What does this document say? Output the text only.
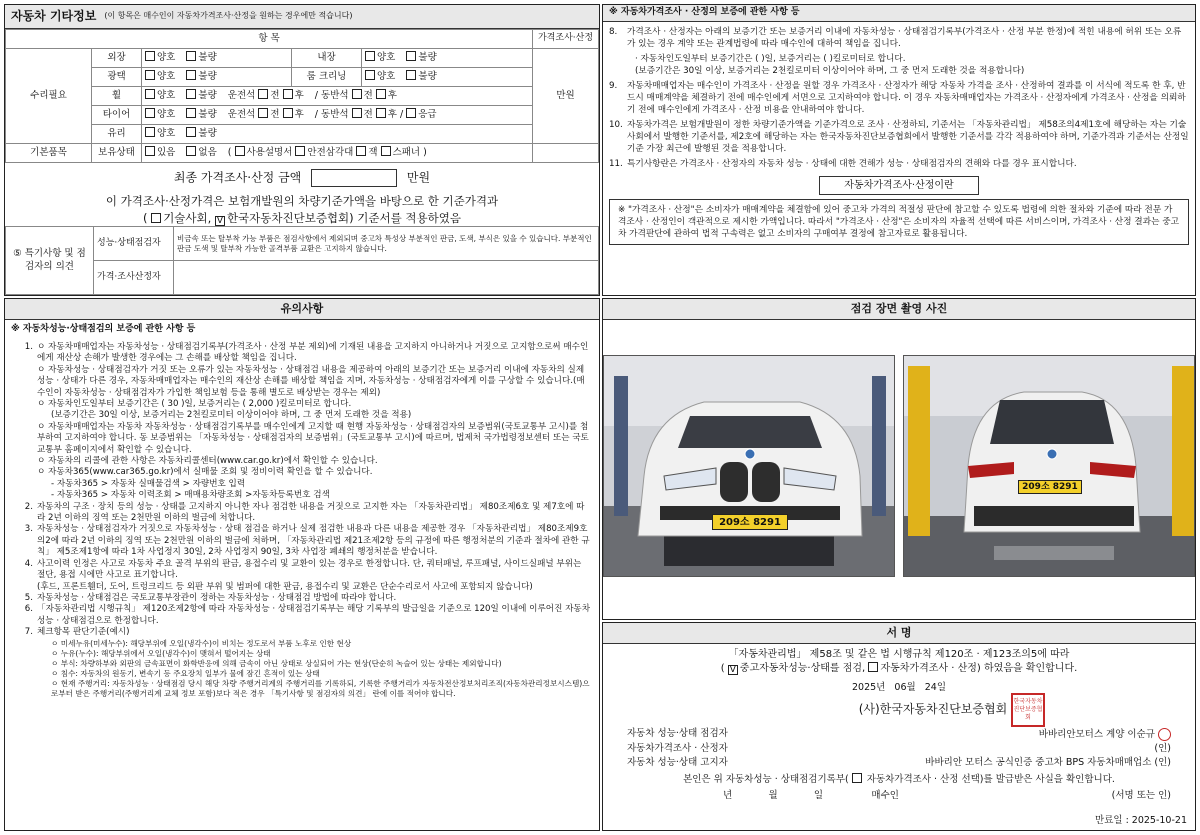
자동차 기타정보 (이 항목은 매수인이 자동차가격조사·산정을 원하는 경우에만 적습니다)
항 목					가격조사·산정
수리필요	외장	양호 불량	내장	양호 불량	만원
	광택	양호 불량	룸 크리닝	양호 불량	
	휠	양호 불량 운전석 전 후 / 동반석 전 후			
	타이어	양호 불량 운전석 전 후 / 동반석 전 후 / 응급			
	유리	양호 불량			
기본품목	보유상태	있음 없음 ( 사용설명서 안전삼각대 잭 스패너 )			
최종 가격조사·산정 금액	만원
이 가격조사·산정가격은 보험개발원의 차량기준가액을 바탕으로 한 기준가격과
( 기술사회, V 한국자동차진단보증협회) 기준서를 적용하였음
⑤ 특기사항 및 점검자의 의견	성능·상태점검자	비금속 또는 탈부착 가능 부품은 점검사항에서 제외되며 중고차 특성상 부분적인 판금, 도색, 부식은 있을 수 있습니다. 부분적인 판금 도색 및 탈부착 가능한 골격부품 교환은 고지하지 않습니다.
	가격·조사산정자	
※ 자동차가격조사 · 산정의 보증에 관한 사항 등
8.	가격조사 · 산정자는 아래의 보증기간 또는 보증거리 이내에 자동차성능 · 상태점검기록부(가격조사 · 산정 부분 한정)에 적힌 내용에 허위 또는 오류가 있는 경우 계약 또는 관계법령에 따라 매수인에 대하여 책임을 집니다.
· 자동차인도일부터 보증기간은 ( )일, 보증거리는 ( )킬로미터로 합니다.
(보증기간은 30일 이상, 보증거리는 2천킬로미터 이상이어야 하며, 그 중 먼저 도래한 것을 적용합니다)
9.	자동차매매업자는 매수인이 가격조사 · 산정을 원할 경우 가격조사 · 산정자가 해당 자동차 가격을 조사 · 산정하여 결과를 이 서식에 적도록 한 후, 반드시 매매계약을 체결하기 전에 매수인에게 서면으로 고지하여야 합니다. 이 경우 자동차매매업자는 가격조사 · 산정자에게 가격조사 · 산정을 의뢰하기 전에 매수인에게 가격조사 · 산정 비용을 안내하여야 합니다.
10. 자동차가격은 보험개발원이 정한 차량기준가액을 기준가격으로 조사 · 산정하되, 기준서는 「자동차관리법」 제58조의4제1호에 해당하는 자는 기술사회에서 발행한 기준서를, 제2호에 해당하는 자는 한국자동차진단보증협회에서 발행한 기준서를 각각 적용하여야 하며, 기준가격과 기준서는 산정일 기준 가장 최근에 발행된 것을 적용합니다.
11. 특기사항란은 가격조사 · 산정자의 자동차 성능 · 상태에 대한 견해가 성능 · 상태점검자의 견해와 다를 경우 표시합니다.
자동차가격조사·산정이란
※ "가격조사 · 산정"은 소비자가 매매계약을 체결함에 있어 중고차 가격의 적절성 판단에 참고할 수 있도록 법령에 의한 절차와 기준에 따라 전문 가격조사 · 산정인이 객관적으로 제시한 가액입니다. 따라서 "가격조사 · 산정"은 소비자의 자율적 선택에 따른 서비스이며, 가격조사 · 산정 결과는 중고차 가격판단에 관하여 법적 구속력은 없고 소비자의 구매여부 결정에 참고자료로 활용됩니다.
유의사항
※ 자동차성능·상태점검의 보증에 관한 사항 등
1. ㅇ 자동차매매업자는 자동차성능 · 상태점검기록부(가격조사 · 산정 부분 제외)에 기재된 내용을 고지하지 아니하거나 거짓으로 고지함으로써 매수인에게 재산상 손해가 발생한 경우에는 그 손해를 배상할 책임을 집니다.
ㅇ 자동차성능 · 상태점검자가 거짓 또는 오류가 있는 자동차성능 · 상태점검 내용을 제공하여 아래의 보증기간 또는 보증거리 이내에 자동차의 실제 성능 · 상태가 다른 경우, 자동차매매업자는 매수인의 재산상 손해를 배상할 책임을 지며, 자동차성능 · 상태점검자에게 이를 구상할 수 있습니다.(매수인이 자동차성능 · 상태점검자가 가입한 책임보험 등을 통해 별도로 배상받는 경우는 제외)
ㅇ 자동차인도일부터 보증기간은 ( 30 )일, 보증거리는 ( 2,000 )킬로미터로 합니다.
(보증기간은 30일 이상, 보증거리는 2천킬로미터 이상이어야 하며, 그 중 먼저 도래한 것을 적용)
ㅇ 자동차매매업자는 자동차 자동차성능 · 상태점검기록부를 매수인에게 고지할 때 현행 자동차성능 · 상태점검자의 보증범위(국토교통부 고시)를 첨부하여 고지하여야 합니다. 동 보증범위는 「자동차성능 · 상태점검자의 보증범위」(국토교통부 고시)에 따르며, 법제처 국가법령정보센터 또는 국토교통부 홈페이지에서 확인할 수 있습니다.
ㅇ 자동차의 리콜에 관한 사항은 자동차리콜센터(www.car.go.kr)에서 확인할 수 있습니다.
ㅇ 자동차365(www.car365.go.kr)에서 실매물 조회 및 정비이력 확인을 할 수 있습니다.
- 자동차365 > 자동차 실매물검색 > 자량번호 입력
- 자동차365 > 자동차 이력조회 > 매매용차량조회 >자동차등록번호 검색
2. 자동차의 구조 · 장치 등의 성능 · 상태를 고지하지 아니한 자나 점검한 내용을 거짓으로 고지한 자는 「자동차관리법」 제80조제6호 및 제7호에 따라 2년 이하의 징역 또는 2천만원 이하의 벌금에 처합니다.
3. 자동차성능 · 상태점검자가 거짓으로 자동차성능 · 상태 점검을 하거나 실제 점검한 내용과 다른 내용을 제공한 경우 「자동차관리법」 제80조제9호의2에 따라 2년 이하의 징역 또는 2천만원 이하의 벌금에 처하며, 「자동차관리법 제21조제2항 등의 규정에 따른 행정처분의 기준과 절차에 관한 규칙」 제5조제1항에 따라 1차 사업정지 30일, 2차 사업정지 90일, 3차 사업장 폐쇄의 행정처분을 받습니다.
4. 사고이력 인정은 사고로 자동차 주요 골격 부위의 판금, 용접수리 및 교환이 있는 경우로 한정합니다. 단, 쿼터패널, 루프패널, 사이드실패널 부위는 절단, 용접 시에만 사고로 표기합니다.
(후드, 프론트휀더, 도어, 트렁크리드 등 외판 부위 및 범퍼에 대한 판금, 용접수리 및 교환은 단순수리로서 사고에 포함되지 않습니다)
5. 자동차성능 · 상태점검은 국토교통부장관이 정하는 자동차성능 · 상태점검 방법에 따라야 합니다.
6. 「자동차관리법 시행규칙」 제120조제2항에 따라 자동차성능 · 상태점검기록부는 해당 기록부의 발급일을 기준으로 120일 이내에 이루어진 자동차 성능 · 상태점검으로 한정합니다.
7. 체크항목 판단기준(예시)
ㅇ 미세누유(미세누수): 해당부위에 오일(냉각수)이 비치는 정도로서 부품 노후로 인한 현상
ㅇ 누유(누수): 해당부위에서 오일(냉각수)이 맺혀서 떨어지는 상태
ㅇ 부식: 차량하부와 외판의 금속표면이 화학반응에 의해 금속이 아닌 상태로 상실되어 가는 현상(단순히 녹슬어 있는 상태는 제외합니다)
ㅇ 침수: 자동차의 원동기, 변속기 등 주요장치 일부가 물에 잠긴 흔적이 있는 상태
ㅇ 현재 주행거리: 자동차성능 · 상태점검 당시 해당 차량 주행거리계의 주행거리를 기록하되, 기록한 주행거리가 자동차전산정보처리조직(자동차관리정보시스템)으로부터 받은 주행거리(주행거리계 교체 정보 포함)보다 적은 경우 「특기사항 및 점검자의 의견」 란에 이를 적어야 합니다.
점검 장면 촬영 사진
209소 8291
209소 8291
서 명
「자동차관리법」 제58조 및 같은 법 시행규칙 제120조 · 제123조의5에 따라
( V 중고자동차성능·상태를 점검, 자동차가격조사 · 산정) 하였음을 확인합니다.
2025년 06월 24일
(사)한국자동차진단보증협회 한국자동차진단보증협회
자동차 성능·상태 점검자	바바리안모터스 계양 이순규
자동차가격조사 · 산정자	(인)
자동차 성능·상태 고지자	바바리안 모터스 공식인증 중고차 BPS 자동차매매업소 (인)
본인은 위 자동차성능 · 상태점검기록부( 자동차가격조사 · 산정 선택)를 발급받은 사실을 확인합니다.
년	월	일	매수인	(서명 또는 인)
만료일 : 2025-10-21
